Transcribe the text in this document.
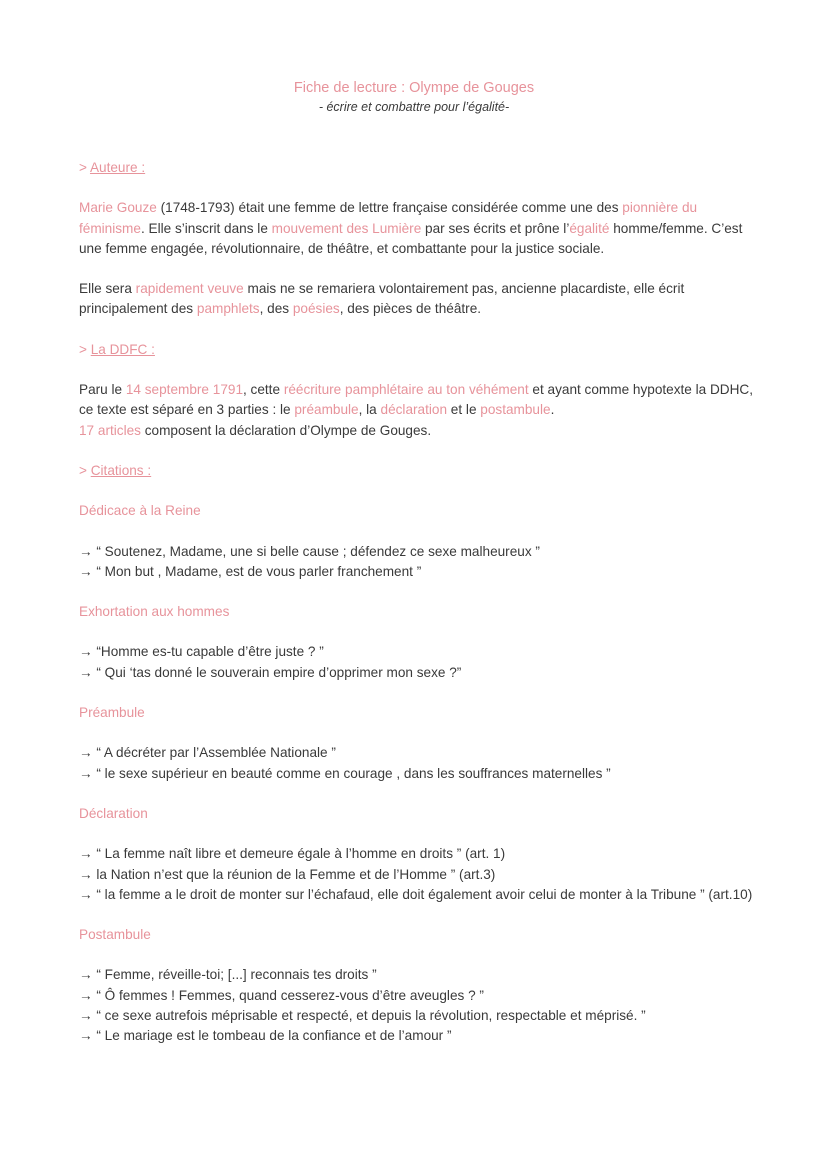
Fiche de lecture : Olympe de Gouges
- écrire et combattre pour l’égalité-

> Auteure :

Marie Gouze (1748-1793) était une femme de lettre française considérée comme une des pionnière du féminisme. Elle s’inscrit dans le mouvement des Lumière par ses écrits et prône l’égalité homme/femme. C’est une femme engagée, révolutionnaire, de théâtre, et combattante pour la justice sociale.

Elle sera rapidement veuve mais ne se remariera volontairement pas, ancienne placardiste, elle écrit principalement des pamphlets, des poésies, des pièces de théâtre.

> La DDFC :

Paru le 14 septembre 1791, cette réécriture pamphlétaire au ton véhément et ayant comme hypotexte la DDHC, ce texte est séparé en 3 parties : le préambule, la déclaration et le postambule.
17 articles composent la déclaration d’Olympe de Gouges.

> Citations :

Dédicace à la Reine

→ “ Soutenez, Madame, une si belle cause ; défendez ce sexe malheureux ”

→ “ Mon but , Madame, est de vous parler franchement ”

Exhortation aux hommes

→ “Homme es-tu capable d’être juste ? ”

→ “ Qui ‘tas donné le souverain empire d’opprimer mon sexe ?”

Préambule

→ “ A décréter par l’Assemblée Nationale ”

→ “ le sexe supérieur en beauté comme en courage , dans les souffrances maternelles ”

Déclaration

→ “ La femme naît libre et demeure égale à l’homme en droits ” (art. 1)

→ la Nation n’est que la réunion de la Femme et de l’Homme ” (art.3)

→ “ la femme a le droit de monter sur l’échafaud, elle doit également avoir celui de monter à la Tribune ” (art.10)

Postambule

→ “ Femme, réveille-toi; [...] reconnais tes droits ”

→ “ Ô femmes ! Femmes, quand cesserez-vous d’être aveugles ? ”

→ “ ce sexe autrefois méprisable et respecté, et depuis la révolution, respectable et méprisé. ”

→ “ Le mariage est le tombeau de la confiance et de l’amour ”
